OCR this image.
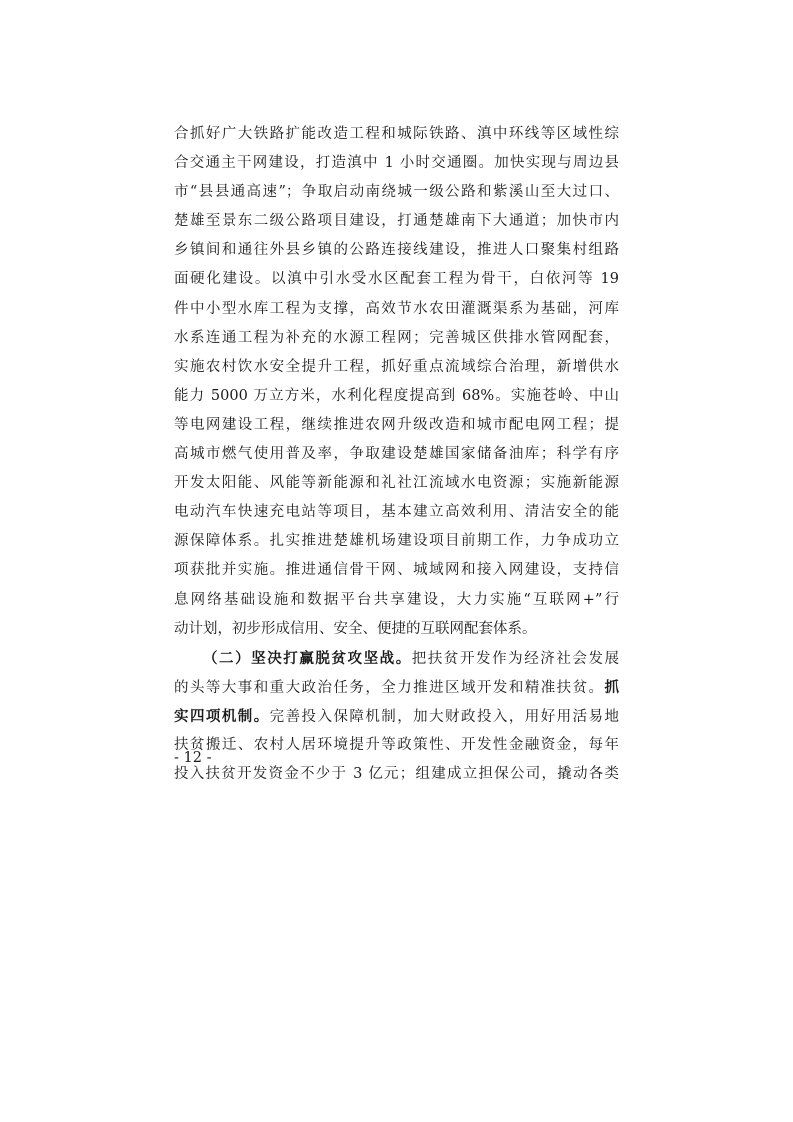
合抓好广大铁路扩能改造工程和城际铁路、滇中环线等区域性综
合交通主干网建设，打造滇中 1 小时交通圈。加快实现与周边县
市“县县通高速”；争取启动南绕城一级公路和紫溪山至大过口、
楚雄至景东二级公路项目建设，打通楚雄南下大通道；加快市内
乡镇间和通往外县乡镇的公路连接线建设，推进人口聚集村组路
面硬化建设。以滇中引水受水区配套工程为骨干，白依河等 19
件中小型水库工程为支撑，高效节水农田灌溉渠系为基础，河库
水系连通工程为补充的水源工程网；完善城区供排水管网配套，
实施农村饮水安全提升工程，抓好重点流域综合治理，新增供水
能力 5000 万立方米，水利化程度提高到 68%。实施苍岭、中山
等电网建设工程，继续推进农网升级改造和城市配电网工程；提
高城市燃气使用普及率，争取建设楚雄国家储备油库；科学有序
开发太阳能、风能等新能源和礼社江流域水电资源；实施新能源
电动汽车快速充电站等项目，基本建立高效利用、清洁安全的能
源保障体系。扎实推进楚雄机场建设项目前期工作，力争成功立
项获批并实施。推进通信骨干网、城域网和接入网建设，支持信
息网络基础设施和数据平台共享建设，大力实施“互联网+”行
动计划，初步形成信用、安全、便捷的互联网配套体系。
（二）坚决打赢脱贫攻坚战。把扶贫开发作为经济社会发展
的头等大事和重大政治任务，全力推进区域开发和精准扶贫。抓
实四项机制。完善投入保障机制，加大财政投入，用好用活易地
扶贫搬迁、农村人居环境提升等政策性、开发性金融资金，每年
投入扶贫开发资金不少于 3 亿元；组建成立担保公司，撬动各类
- 12 -
